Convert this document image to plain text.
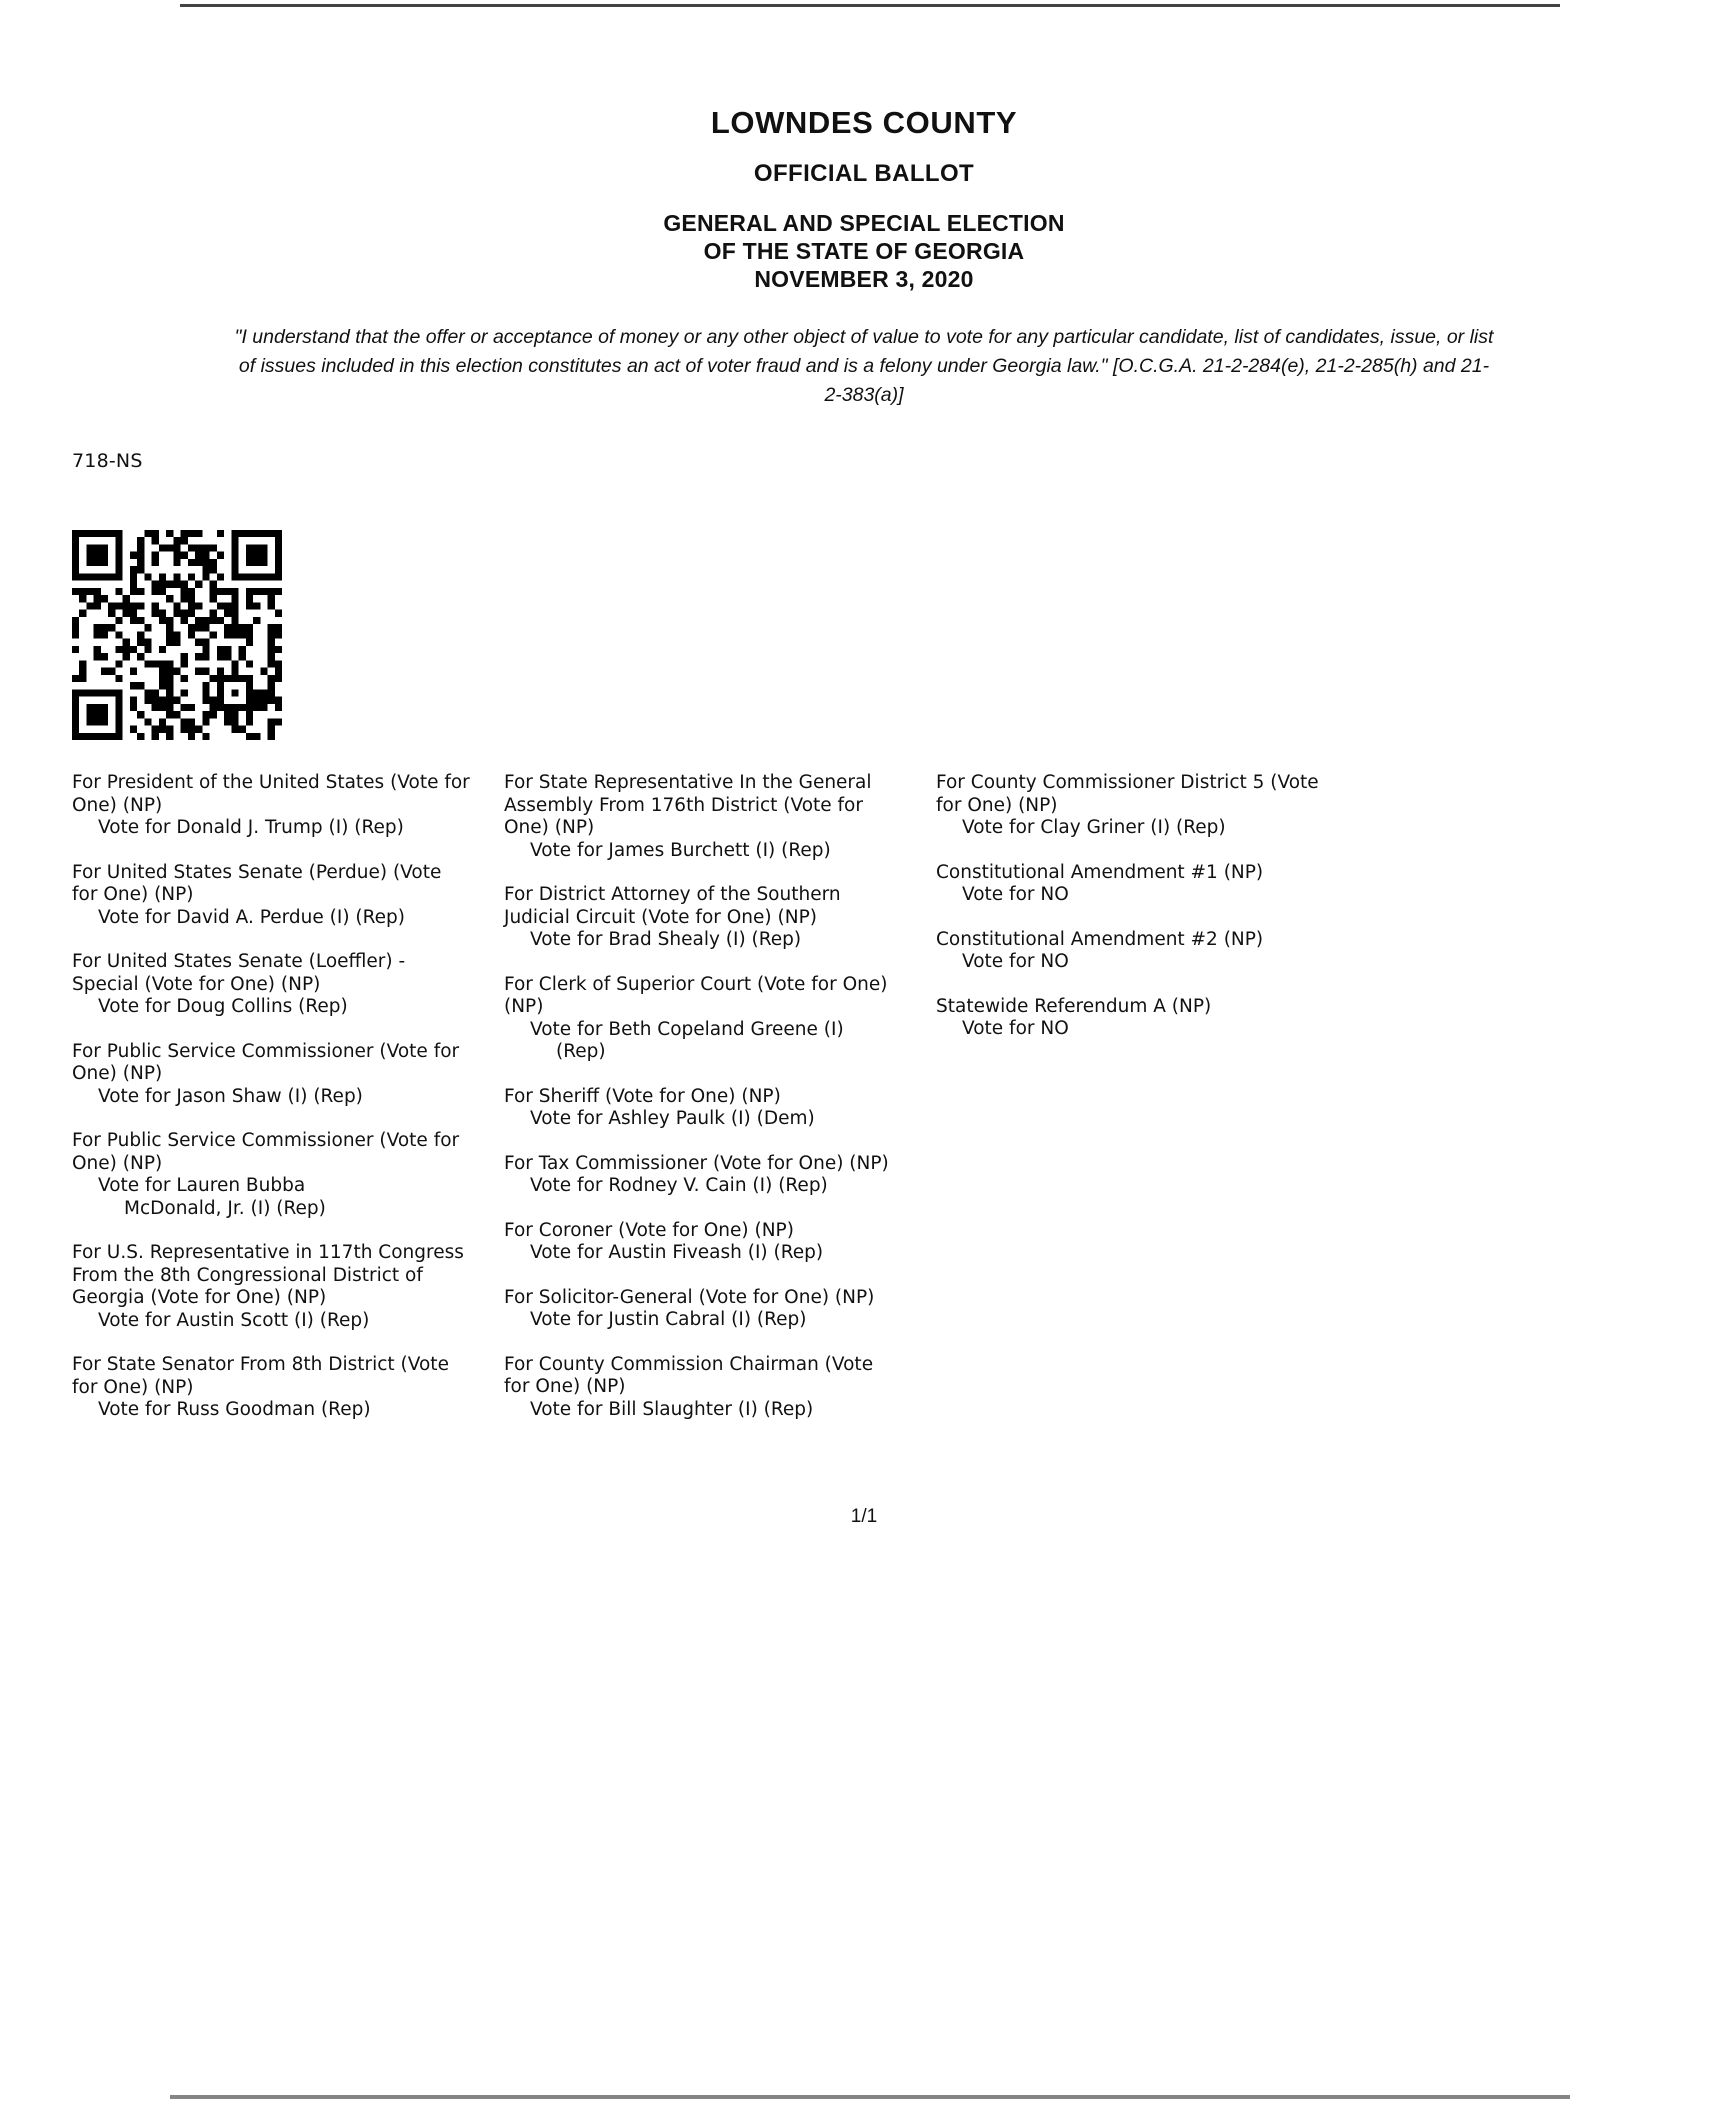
LOWNDES COUNTY
OFFICIAL BALLOT
GENERAL AND SPECIAL ELECTION
OF THE STATE OF GEORGIA
NOVEMBER 3, 2020
"I understand that the offer or acceptance of money or any other object of value to vote for any particular candidate, list of candidates, issue, or list of issues included in this election constitutes an act of voter fraud and is a felony under Georgia law." [O.C.G.A. 21-2-284(e), 21-2-285(h) and 21-2-383(a)]
718-NS
For President of the United States (Vote for One) (NP)
Vote for Donald J. Trump (I) (Rep)
For United States Senate (Perdue) (Vote for One) (NP)
Vote for David A. Perdue (I) (Rep)
For United States Senate (Loeffler) - Special (Vote for One) (NP)
Vote for Doug Collins (Rep)
For Public Service Commissioner (Vote for One) (NP)
Vote for Jason Shaw (I) (Rep)
For Public Service Commissioner (Vote for One) (NP)
Vote for Lauren Bubba
McDonald, Jr. (I) (Rep)
For U.S. Representative in 117th Congress From the 8th Congressional District of Georgia (Vote for One) (NP)
Vote for Austin Scott (I) (Rep)
For State Senator From 8th District (Vote for One) (NP)
Vote for Russ Goodman (Rep)
For State Representative In the General Assembly From 176th District (Vote for One) (NP)
Vote for James Burchett (I) (Rep)
For District Attorney of the Southern Judicial Circuit (Vote for One) (NP)
Vote for Brad Shealy (I) (Rep)
For Clerk of Superior Court (Vote for One) (NP)
Vote for Beth Copeland Greene (I)
(Rep)
For Sheriff (Vote for One) (NP)
Vote for Ashley Paulk (I) (Dem)
For Tax Commissioner (Vote for One) (NP)
Vote for Rodney V. Cain (I) (Rep)
For Coroner (Vote for One) (NP)
Vote for Austin Fiveash (I) (Rep)
For Solicitor-General (Vote for One) (NP)
Vote for Justin Cabral (I) (Rep)
For County Commission Chairman (Vote for One) (NP)
Vote for Bill Slaughter (I) (Rep)
For County Commissioner District 5 (Vote for One) (NP)
Vote for Clay Griner (I) (Rep)
Constitutional Amendment #1 (NP)
Vote for NO
Constitutional Amendment #2 (NP)
Vote for NO
Statewide Referendum A (NP)
Vote for NO
1/1
